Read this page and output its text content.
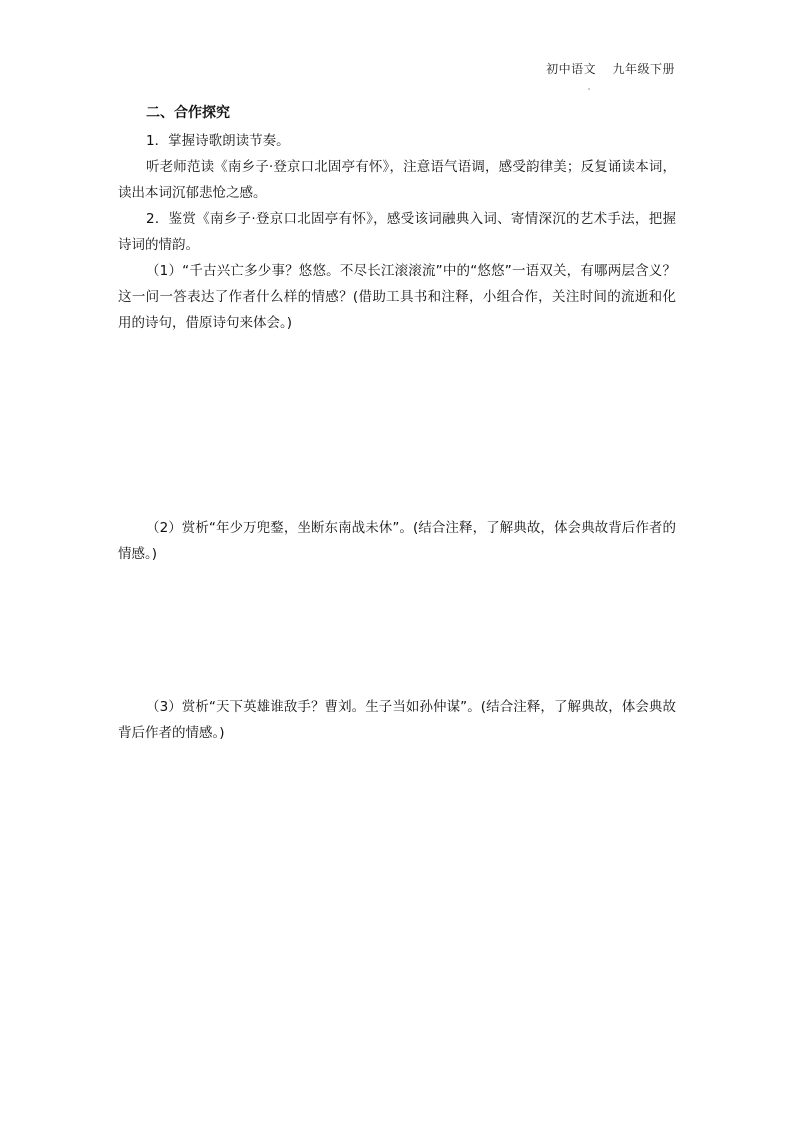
初中语文 九年级下册

二、合作探究

1．掌握诗歌朗读节奏。

听老师范读《南乡子·登京口北固亭有怀》，注意语气语调，感受韵律美；反复诵读本词，读出本词沉郁悲怆之感。

2．鉴赏《南乡子·登京口北固亭有怀》，感受该词融典入词、寄情深沉的艺术手法，把握诗词的情韵。

（1）“千古兴亡多少事？悠悠。不尽长江滚滚流”中的“悠悠”一语双关，有哪两层含义？这一问一答表达了作者什么样的情感？(借助工具书和注释，小组合作，关注时间的流逝和化用的诗句，借原诗句来体会。)

（2）赏析“年少万兜鍪，坐断东南战未休”。(结合注释，了解典故，体会典故背后作者的情感。)

（3）赏析“天下英雄谁敌手？曹刘。生子当如孙仲谋”。(结合注释，了解典故，体会典故背后作者的情感。)
